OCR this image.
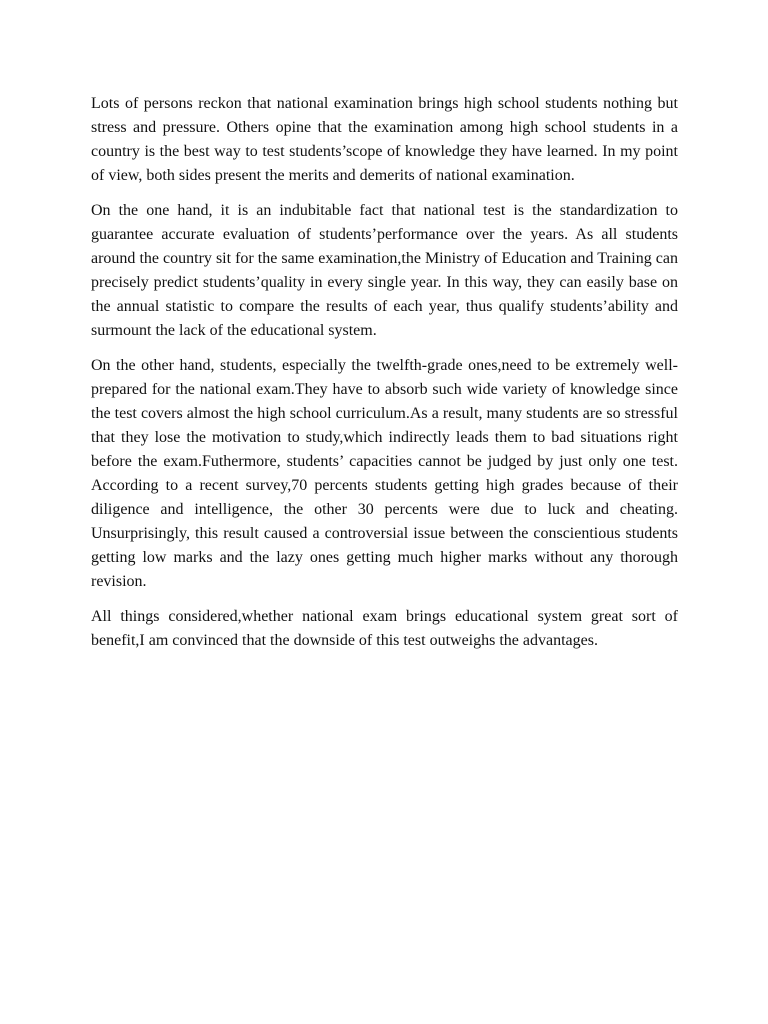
Lots of persons reckon that national examination brings high school students nothing but stress and pressure. Others opine that the examination among high school students in a country is the best way to test students’scope of knowledge they have learned. In my point of view, both sides present the merits and demerits of national examination.

On the one hand, it is an indubitable fact that national test is the standardization to guarantee accurate evaluation of students’performance over the years. As all students around the country sit for the same examination,the Ministry of Education and Training can precisely predict students’quality in every single year. In this way, they can easily base on the annual statistic to compare the results of each year, thus qualify students’ability and surmount the lack of the educational system.

On the other hand, students, especially the twelfth-grade ones,need to be extremely well-prepared for the national exam.They have to absorb such wide variety of knowledge since the test covers almost the high school curriculum.As a result, many students are so stressful that they lose the motivation to study,which indirectly leads them to bad situations right before the exam.Futhermore, students’ capacities cannot be judged by just only one test. According to a recent survey,70 percents students getting high grades because of their diligence and intelligence, the other 30 percents were due to luck and cheating. Unsurprisingly, this result caused a controversial issue between the conscientious students getting low marks and the lazy ones getting much higher marks without any thorough revision.

All things considered,whether national exam brings educational system great sort of benefit,I am convinced that the downside of this test outweighs the advantages.
